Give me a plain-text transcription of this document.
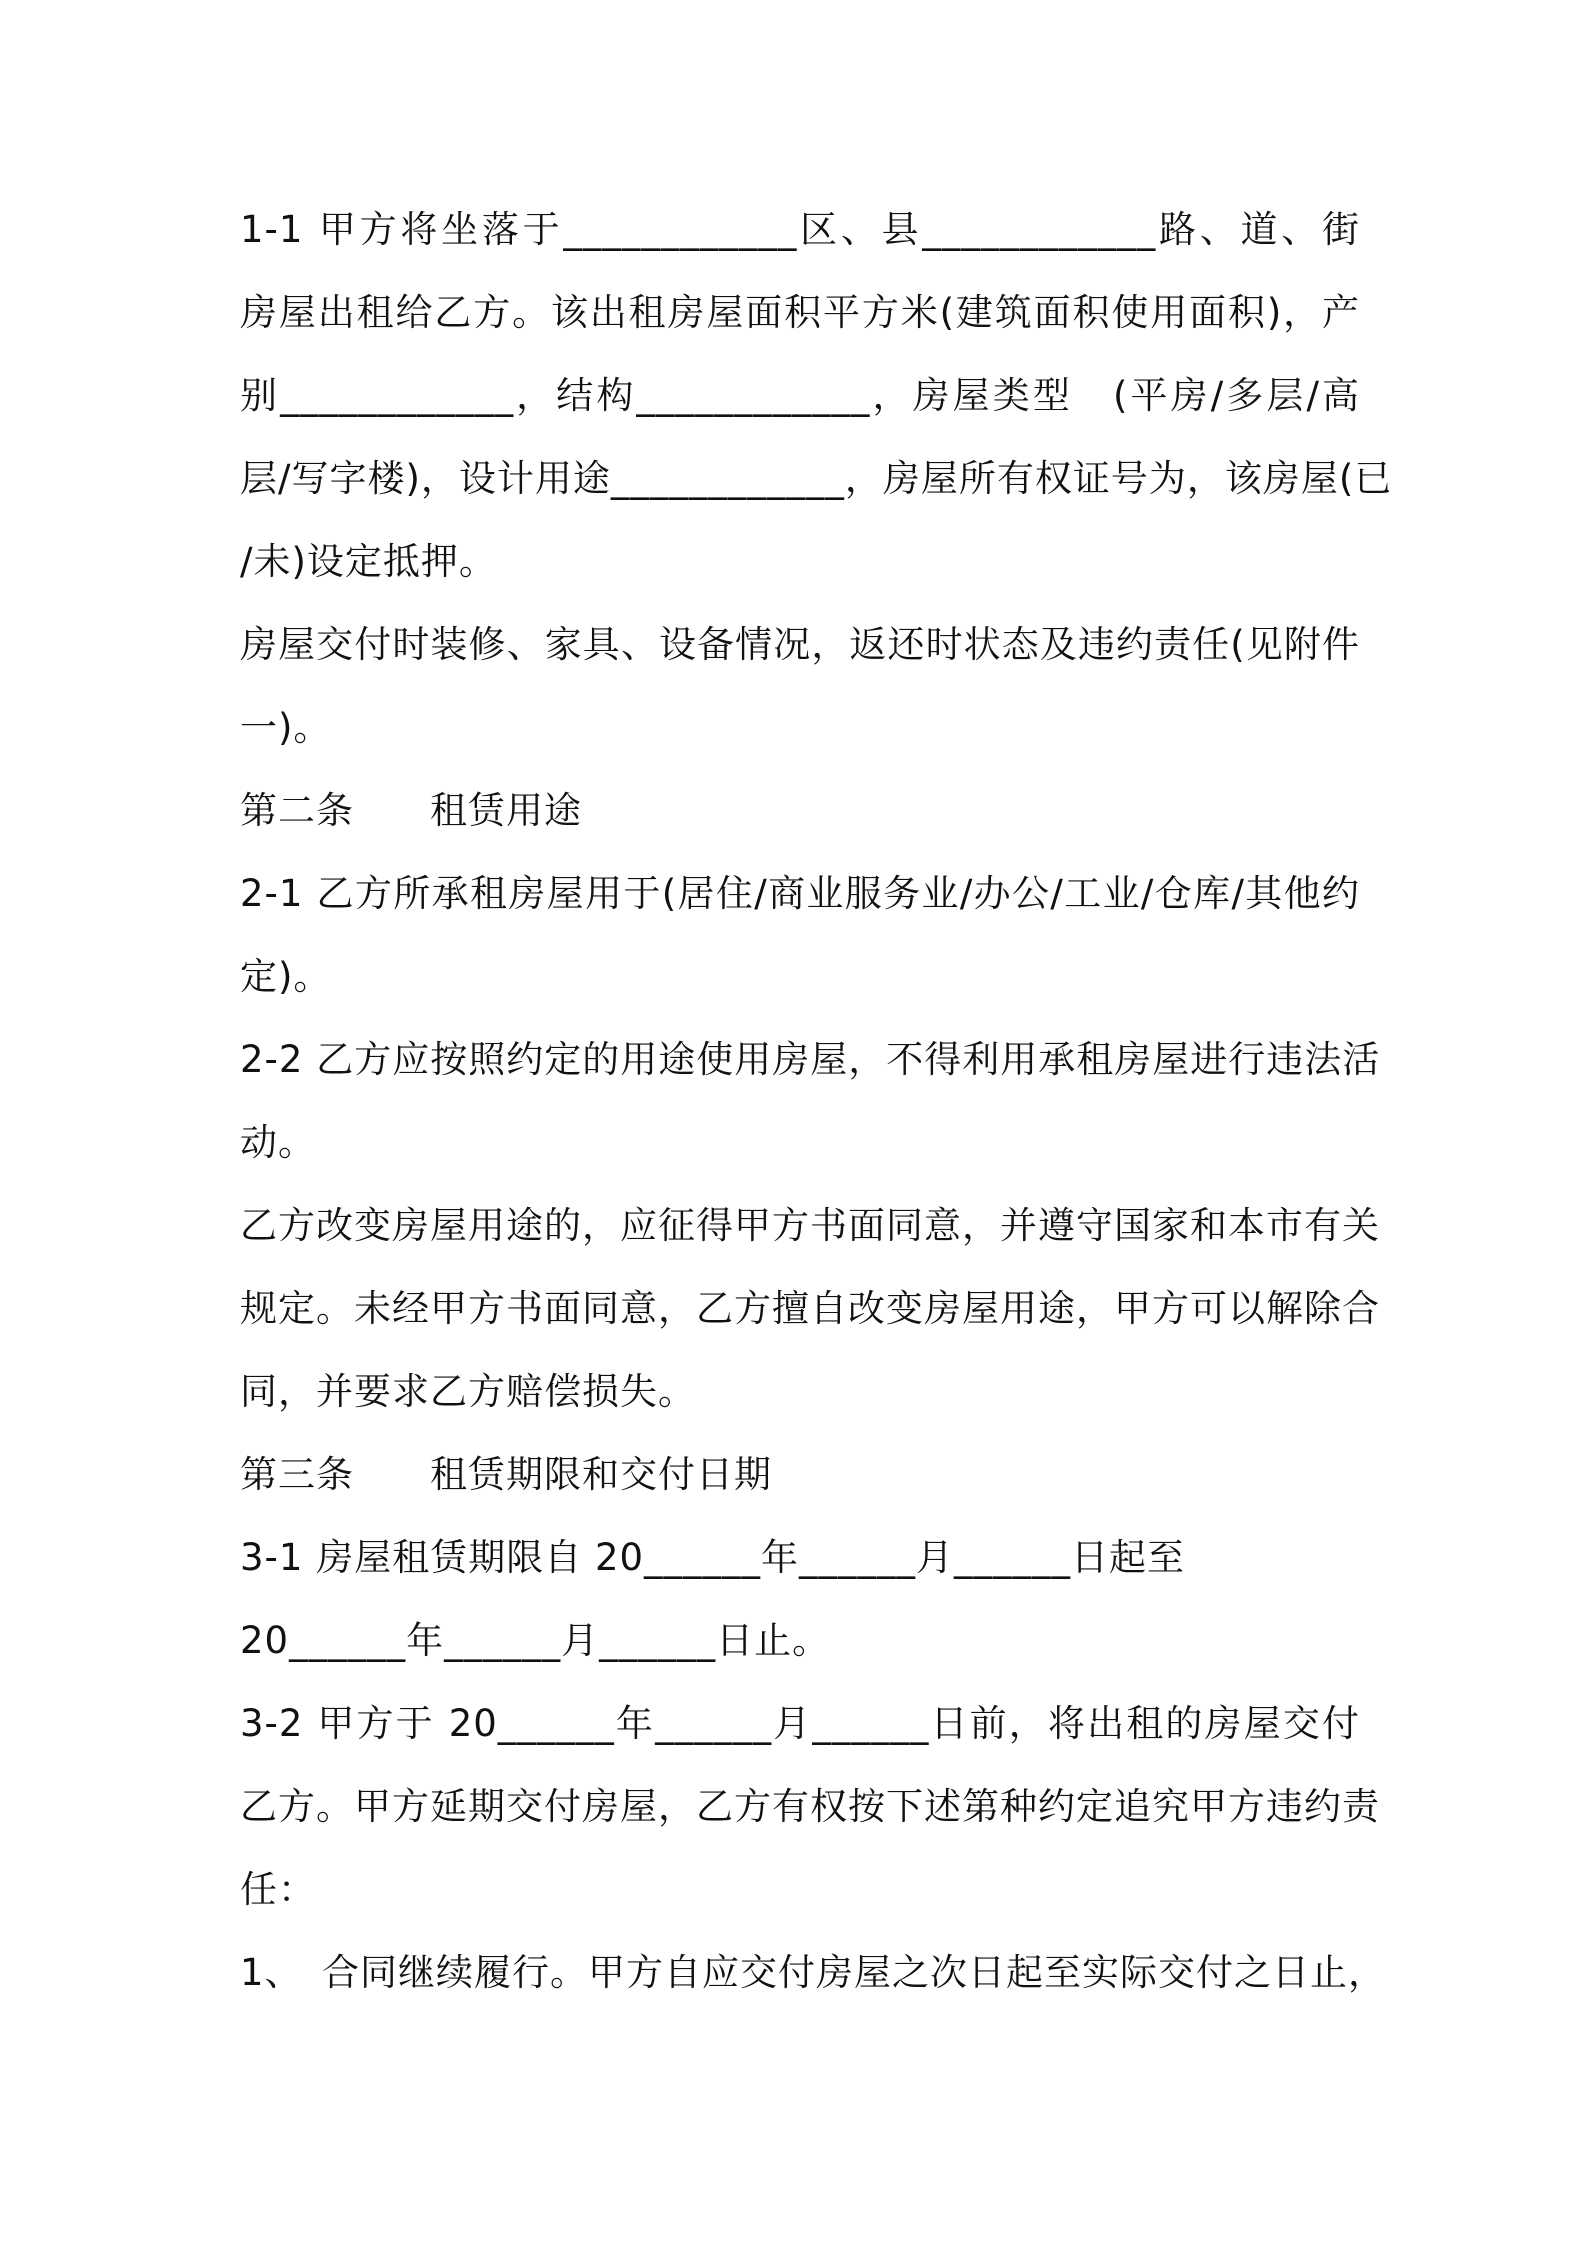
1-1 甲方将坐落于____________区、县____________路、道、街
房屋出租给乙方。该出租房屋面积平方米(建筑面积使用面积)，产
别____________，结构____________，房屋类型　(平房/多层/高
层/写字楼)，设计用途____________，房屋所有权证号为，该房屋(已
/未)设定抵押。
房屋交付时装修、家具、设备情况，返还时状态及违约责任(见附件
一)。
第二条　　租赁用途
2-1 乙方所承租房屋用于(居住/商业服务业/办公/工业/仓库/其他约
定)。
2-2 乙方应按照约定的用途使用房屋，不得利用承租房屋进行违法活
动。
乙方改变房屋用途的，应征得甲方书面同意，并遵守国家和本市有关
规定。未经甲方书面同意，乙方擅自改变房屋用途，甲方可以解除合
同，并要求乙方赔偿损失。
第三条　　租赁期限和交付日期
3-1 房屋租赁期限自 20______年______月______日起至
20______年______月______日止。
3-2 甲方于 20______年______月______日前，将出租的房屋交付
乙方。甲方延期交付房屋，乙方有权按下述第种约定追究甲方违约责
任：
1、　合同继续履行。甲方自应交付房屋之次日起至实际交付之日止，
